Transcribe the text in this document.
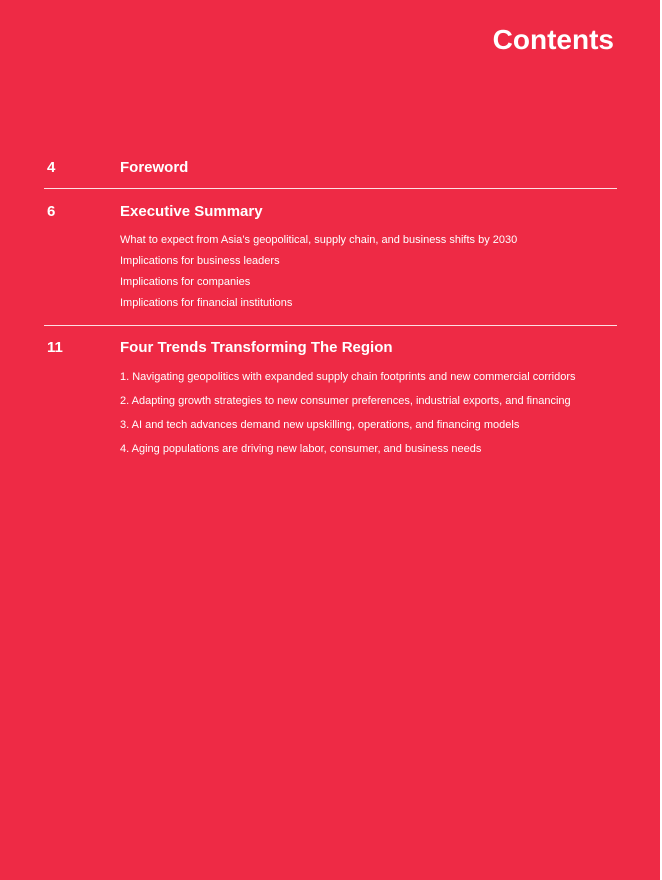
Contents
4	Foreword
6	Executive Summary
What to expect from Asia’s geopolitical, supply chain, and business shifts by 2030
Implications for business leaders
Implications for companies
Implications for financial institutions
11	Four Trends Transforming The Region
1. Navigating geopolitics with expanded supply chain footprints and new commercial corridors
2. Adapting growth strategies to new consumer preferences, industrial exports, and financing
3. AI and tech advances demand new upskilling, operations, and financing models
4. Aging populations are driving new labor, consumer, and business needs
